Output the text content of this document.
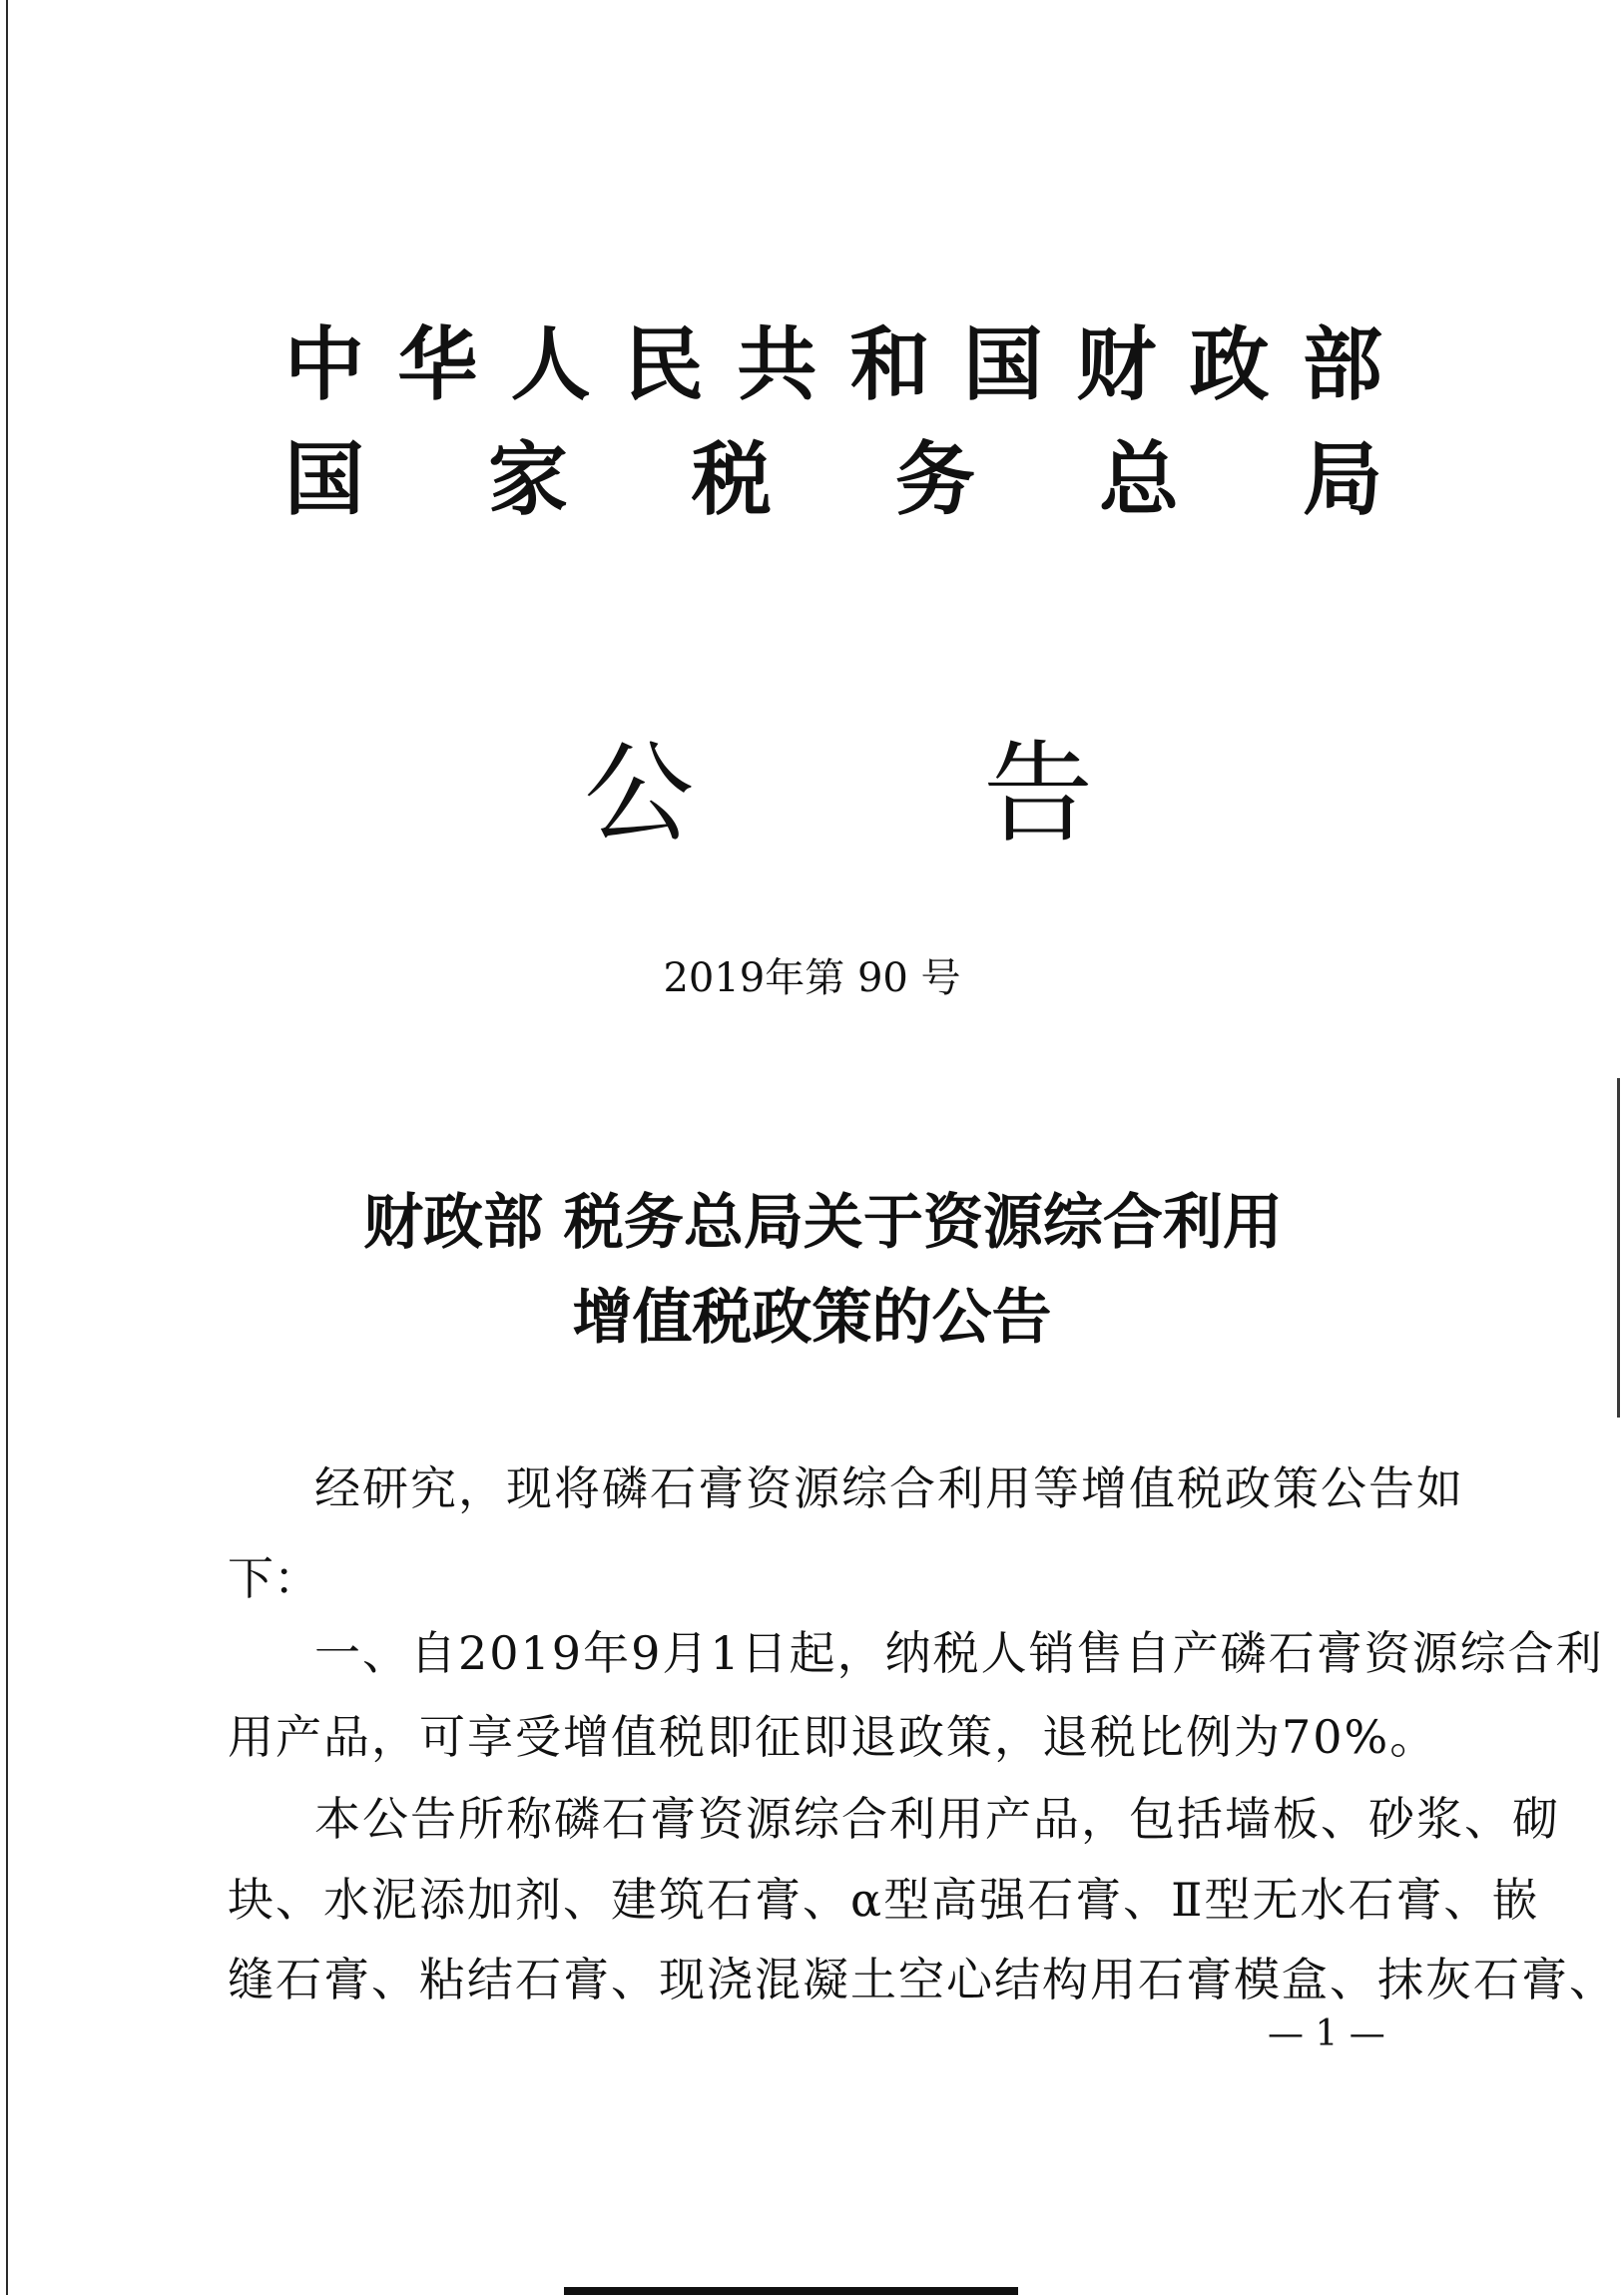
中 华 人 民 共 和 国 财 政 部
国 家 税 务 总 局
公	告
2019年第 90 号
财政部 税务总局关于资源综合利用
增值税政策的公告
经研究，现将磷石膏资源综合利用等增值税政策公告如
下：
一、自2019年9月1日起，纳税人销售自产磷石膏资源综合利
用产品，可享受增值税即征即退政策，退税比例为70%。
本公告所称磷石膏资源综合利用产品，包括墙板、砂浆、砌
块、水泥添加剂、建筑石膏、α型高强石膏、Ⅱ型无水石膏、嵌
缝石膏、粘结石膏、现浇混凝土空心结构用石膏模盒、抹灰石膏、
— 1 —
